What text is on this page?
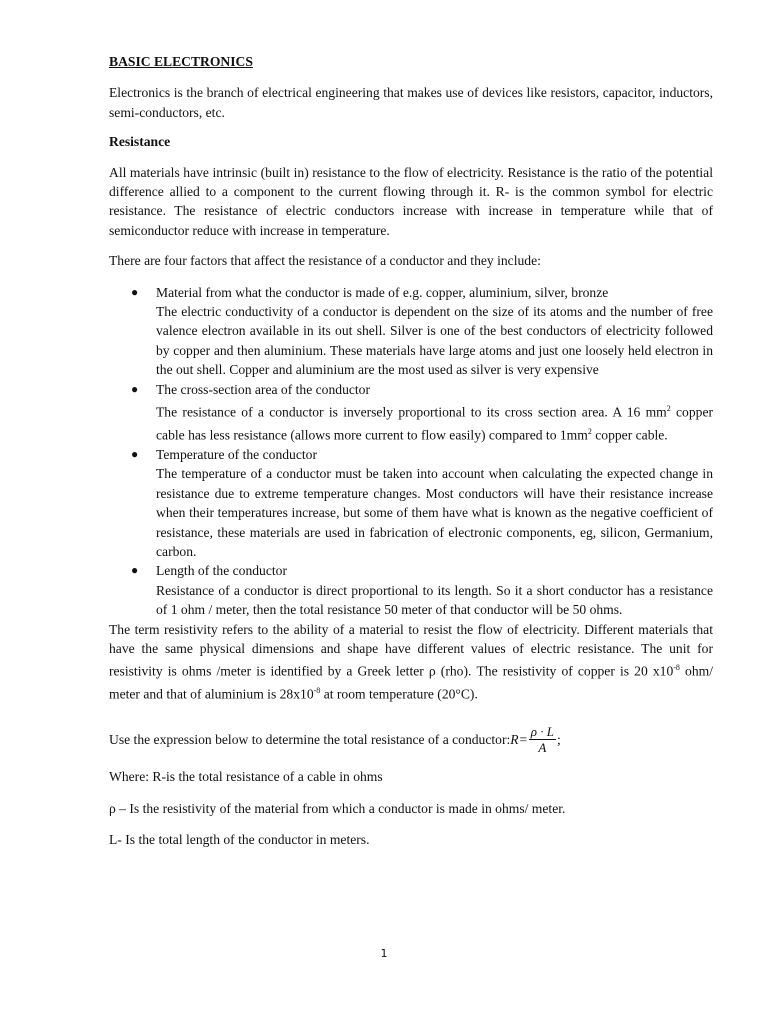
BASIC ELECTRONICS

Electronics is the branch of electrical engineering that makes use of devices like resistors, capacitor, inductors, semi-conductors, etc.

Resistance

All materials have intrinsic (built in) resistance to the flow of electricity. Resistance is the ratio of the potential difference allied to a component to the current flowing through it. R- is the common symbol for electric resistance. The resistance of electric conductors increase with increase in temperature while that of semiconductor reduce with increase in temperature.

There are four factors that affect the resistance of a conductor and they include:

● Material from what the conductor is made of e.g. copper, aluminium, silver, bronze
The electric conductivity of a conductor is dependent on the size of its atoms and the number of free valence electron available in its out shell. Silver is one of the best conductors of electricity followed by copper and then aluminium. These materials have large atoms and just one loosely held electron in the out shell. Copper and aluminium are the most used as silver is very expensive
● The cross-section area of the conductor
The resistance of a conductor is inversely proportional to its cross section area. A 16 $mm^2$ copper cable has less resistance (allows more current to flow easily) compared to $1mm^2$ copper cable.
● Temperature of the conductor
The temperature of a conductor must be taken into account when calculating the expected change in resistance due to extreme temperature changes. Most conductors will have their resistance increase when their temperatures increase, but some of them have what is known as the negative coefficient of resistance, these materials are used in fabrication of electronic components, eg, silicon, Germanium, carbon.
● Length of the conductor
Resistance of a conductor is direct proportional to its length. So it a short conductor has a resistance of 1 ohm / meter, then the total resistance 50 meter of that conductor will be 50 ohms.

The term resistivity refers to the ability of a material to resist the flow of electricity. Different materials that have the same physical dimensions and shape have different values of electric resistance. The unit for resistivity is ohms /meter is identified by a Greek letter ρ (rho). The resistivity of copper is 20 $x10^{-8}$ ohm/ meter and that of aluminium is $28x10^{-8}$ at room temperature (20°C).

Use the expression below to determine the total resistance of a conductor: $R= \frac{\rho \cdot L}{A}$ ;

Where: R-is the total resistance of a cable in ohms

ρ – Is the resistivity of the material from which a conductor is made in ohms/ meter.

L- Is the total length of the conductor in meters.

1
